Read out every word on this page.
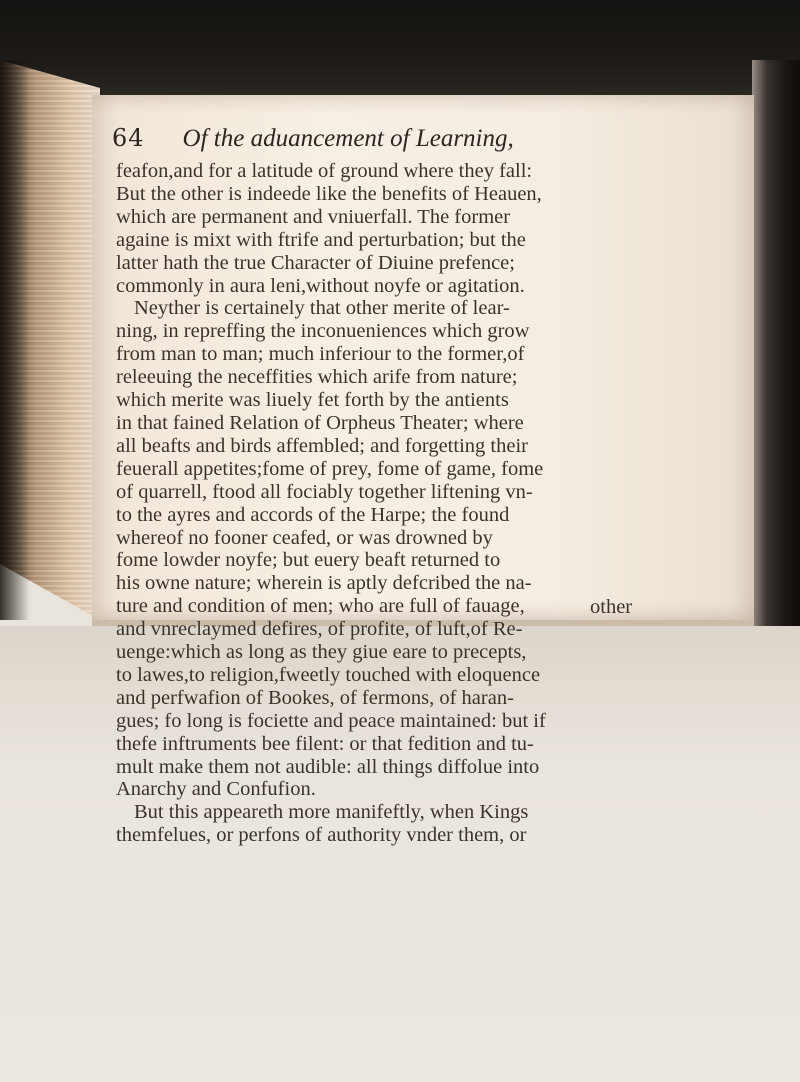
64 Of the aduancement of Learning,
feafon,and for a latitude of ground where they fall:
But the other is indeede like the benefits of Heauen,
which are permanent and vniuerfall. The former
againe is mixt with ftrife and perturbation; but the
latter hath the true Character of Diuine prefence;
commonly in aura leni,without noyfe or agitation.
Neyther is certainely that other merite of lear-
ning, in repreffing the inconueniences which grow
from man to man; much inferiour to the former,of
releeuing the neceffities which arife from nature;
which merite was liuely fet forth by the antients
in that fained Relation of Orpheus Theater; where
all beafts and birds affembled; and forgetting their
feuerall appetites;fome of prey, fome of game, fome
of quarrell, ftood all fociably together liftening vn-
to the ayres and accords of the Harpe; the found
whereof no fooner ceafed, or was drowned by
fome lowder noyfe; but euery beaft returned to
his owne nature; wherein is aptly defcribed the na-
ture and condition of men; who are full of fauage,
and vnreclaymed defires, of profite, of luft,of Re-
uenge:which as long as they giue eare to precepts,
to lawes,to religion,fweetly touched with eloquence
and perfwafion of Bookes, of fermons, of haran-
gues; fo long is fociette and peace maintained: but if
thefe inftruments bee filent: or that fedition and tu-
mult make them not audible: all things diffolue into
Anarchy and Confufion.
But this appeareth more manifeftly, when Kings
themfelues, or perfons of authority vnder them, or
other
